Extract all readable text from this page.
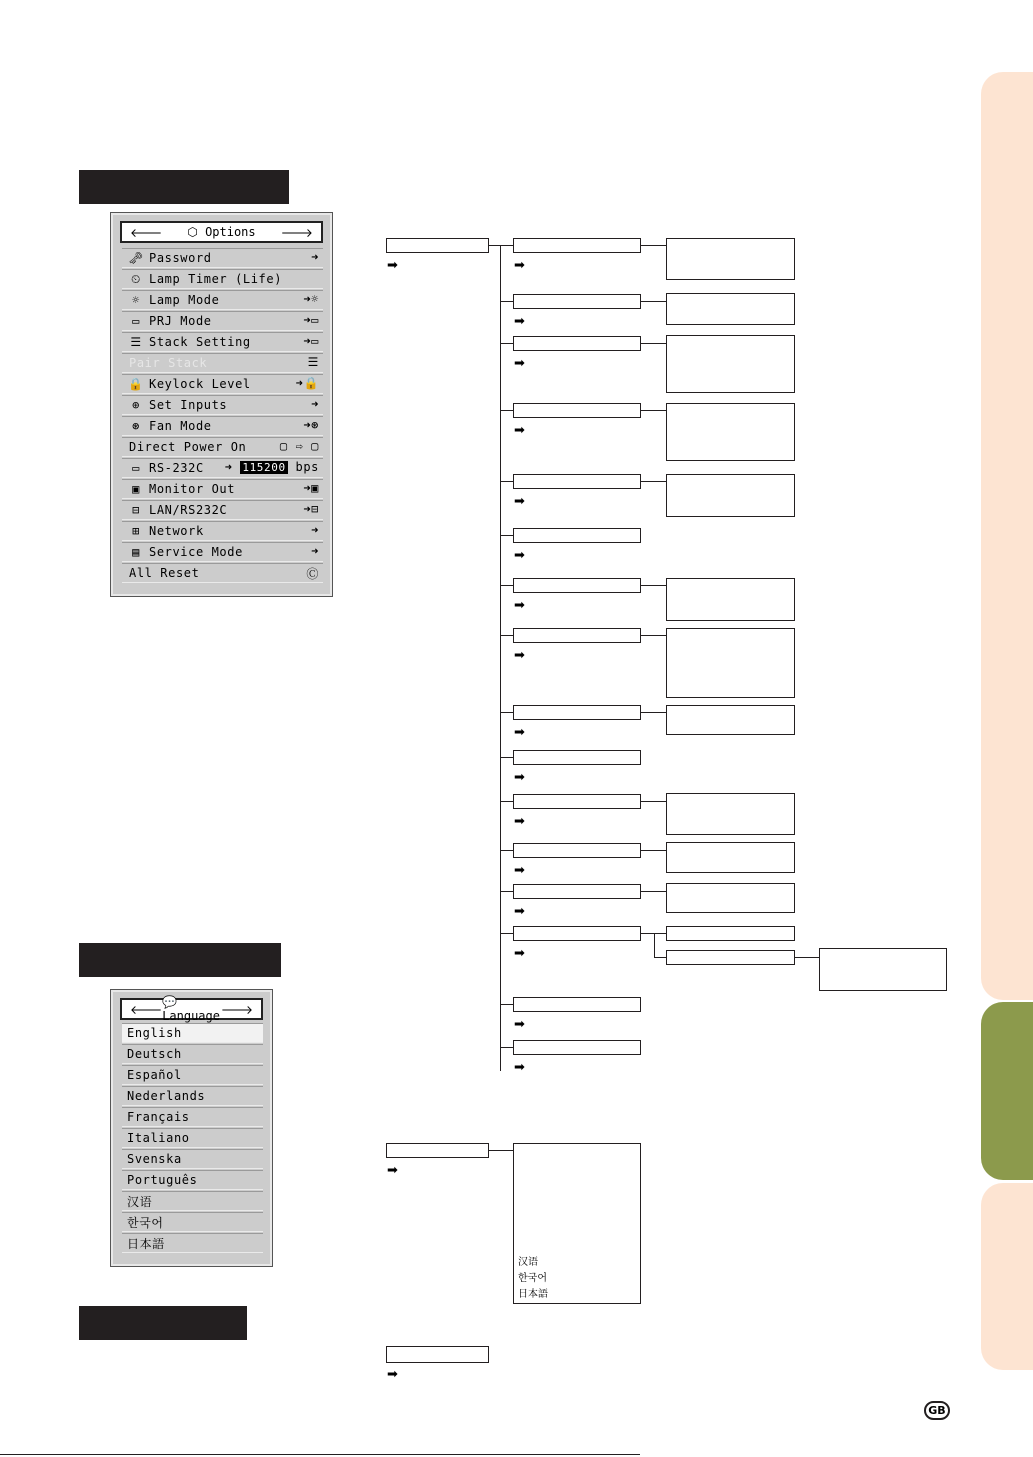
🡐 ⬡ Options 🡒
🗝 Password	➜
⏲ Lamp Timer (Life)
☼ Lamp Mode	➜☼
▭ PRJ Mode	➜▭
☰ Stack Setting	➜▭
Pair Stack	☰
🔒 Keylock Level	➜🔒
⊕ Set Inputs	➜
⊛ Fan Mode	➜⊛
Direct Power On	▢ ⇨ ▢
▭ RS-232C ➜ 115200 bps
▣ Monitor Out	➜▣
⊟ LAN/RS232C	➜⊟
⊞ Network	➜
▤ Service Mode	➜
All Reset	Ⓒ
🡐
💬 Language 🡒
English
Deutsch
Español
Nederlands
Français
Italiano
Svenska
Português
汉语
한국어
日本語
➡	➡
➡
➡
➡
➡
➡
➡
➡
➡
➡
➡
➡
➡
➡
➡
➡
➡
➡
汉语
한국어
日本語
GB
